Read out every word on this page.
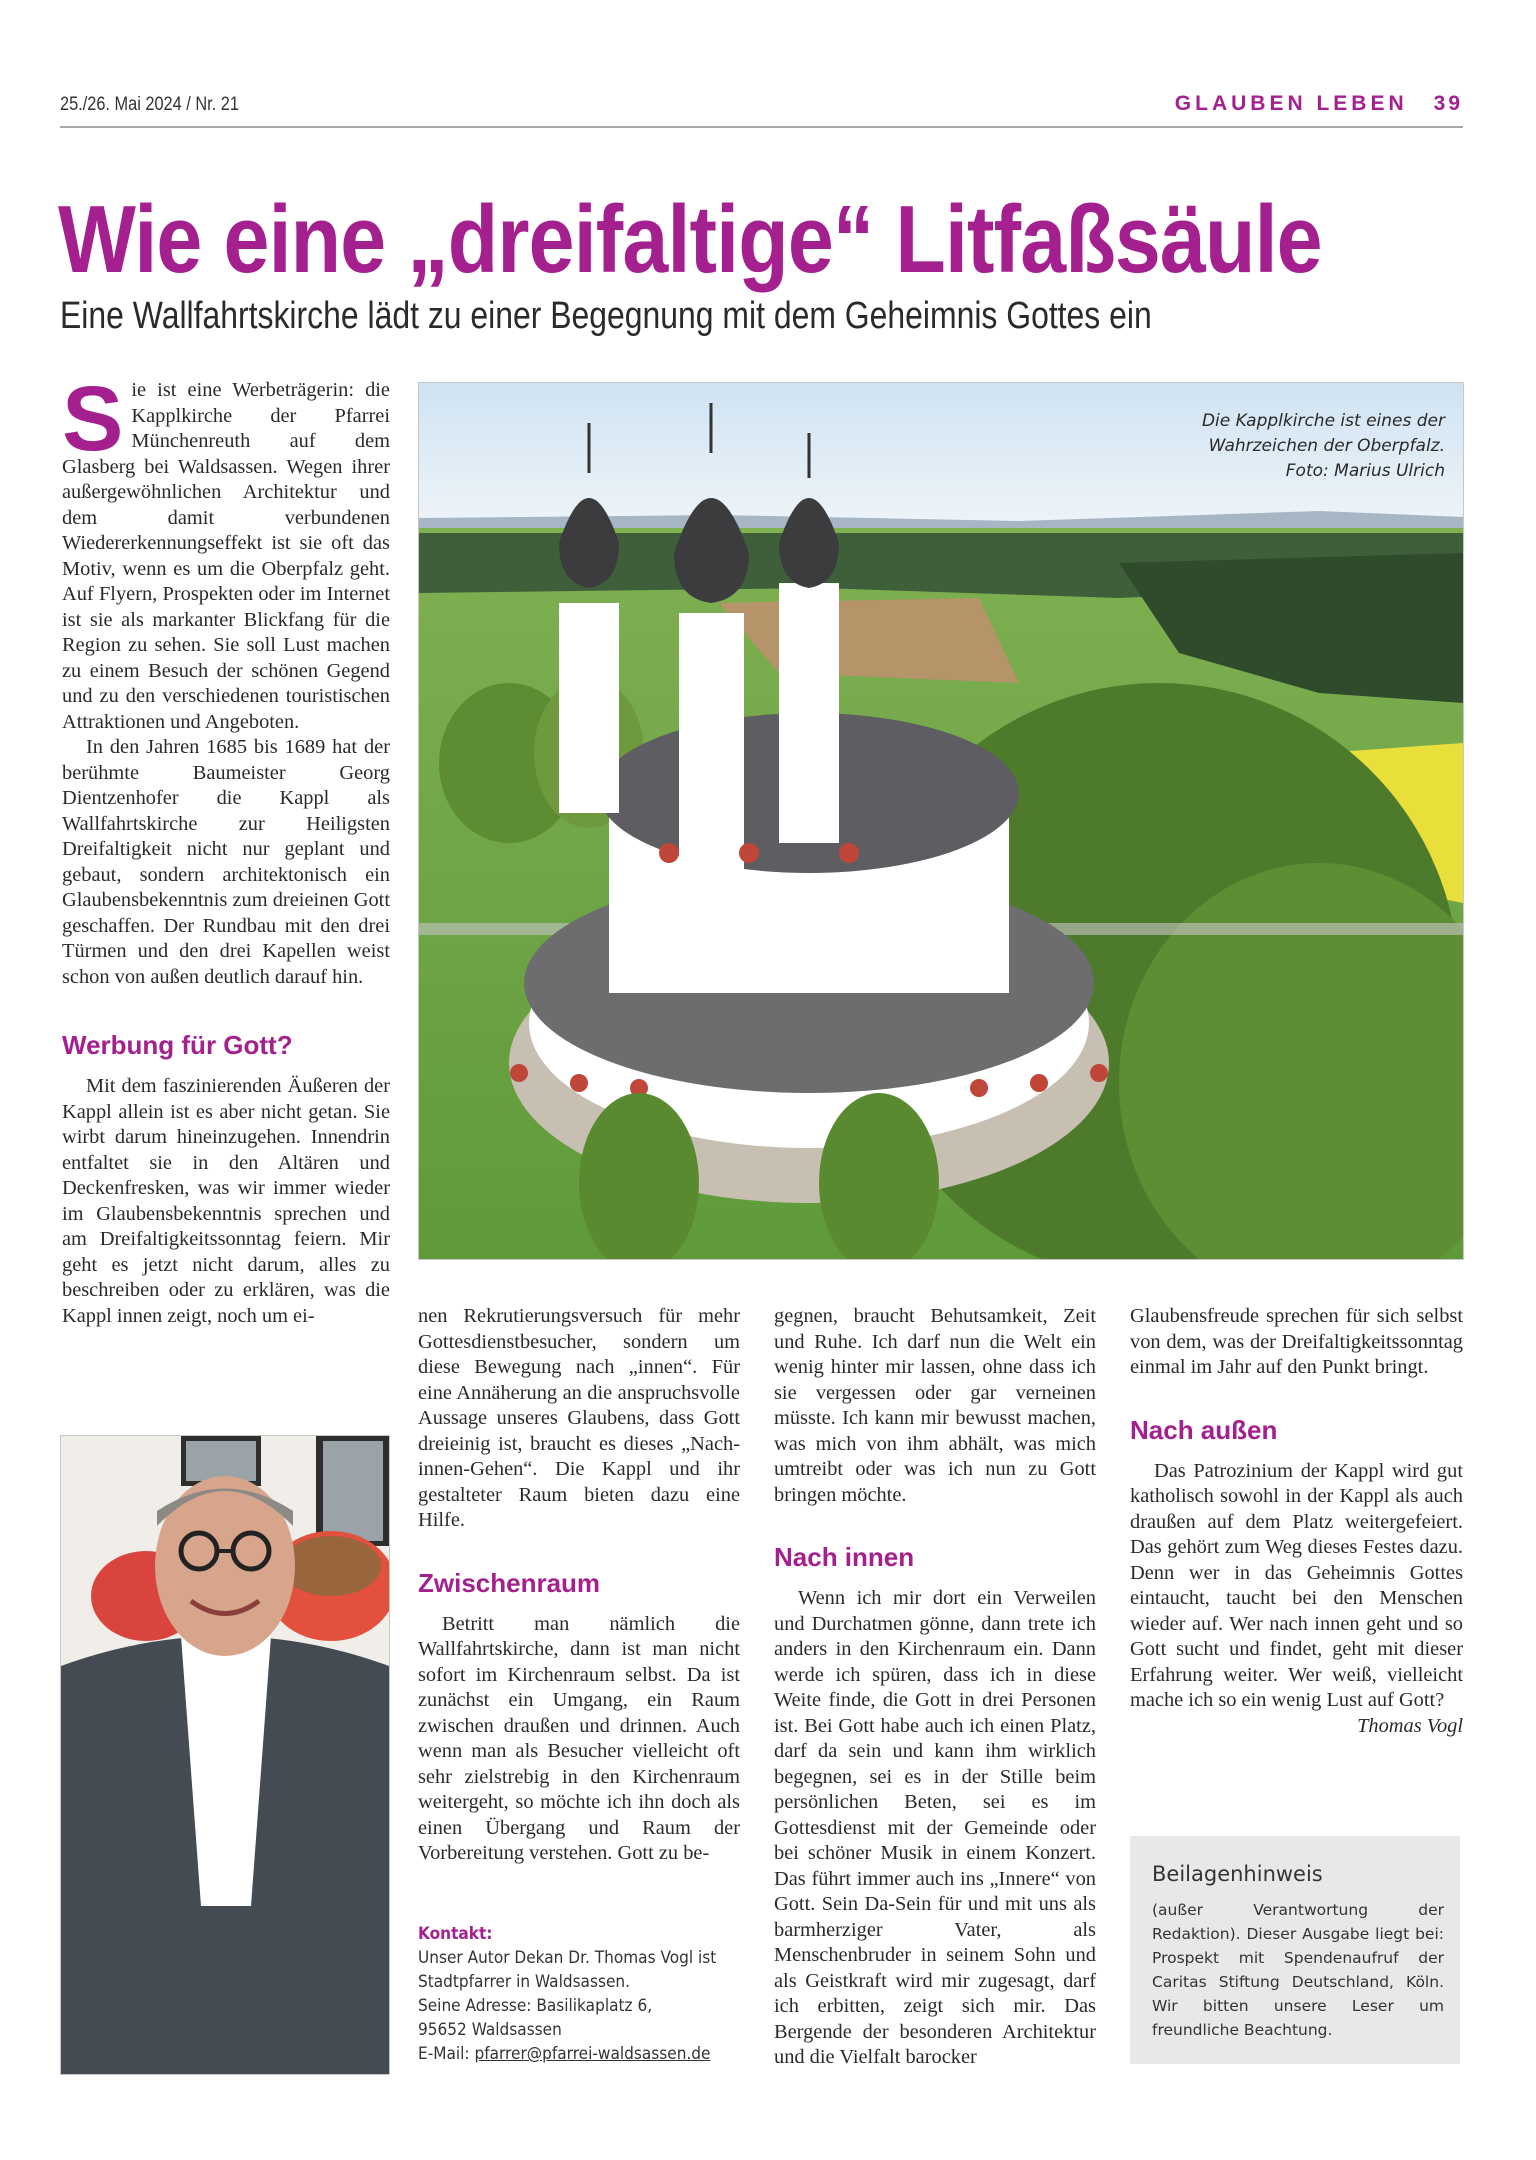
25./26. Mai 2024 / Nr. 21	GLAUBEN LEBEN 39
Wie eine „dreifaltige“ Litfaßsäule
Eine Wallfahrtskirche lädt zu einer Begegnung mit dem Geheimnis Gottes ein

Sie ist eine Werbeträgerin: die Kapplkirche der Pfarrei Münchenreuth auf dem Glasberg bei Waldsassen. Wegen ihrer außergewöhnlichen Architektur und dem damit verbundenen Wiedererkennungseffekt ist sie oft das Motiv, wenn es um die Oberpfalz geht. Auf Flyern, Prospekten oder im Internet ist sie als markanter Blickfang für die Region zu sehen. Sie soll Lust machen zu einem Besuch der schönen Gegend und zu den verschiedenen touristischen Attraktionen und Angeboten.

In den Jahren 1685 bis 1689 hat der berühmte Baumeister Georg Dientzenhofer die Kappl als Wallfahrtskirche zur Heiligsten Dreifaltigkeit nicht nur geplant und gebaut, sondern architektonisch ein Glaubensbekenntnis zum dreieinen Gott geschaffen. Der Rundbau mit den drei Türmen und den drei Kapellen weist schon von außen deutlich darauf hin.

Werbung für Gott?

Mit dem faszinierenden Äußeren der Kappl allein ist es aber nicht getan. Sie wirbt darum hineinzugehen. Innendrin entfaltet sie in den Altären und Deckenfresken, was wir immer wieder im Glaubensbekenntnis sprechen und am Dreifaltigkeitssonntag feiern. Mir geht es jetzt nicht darum, alles zu beschreiben oder zu erklären, was die Kappl innen zeigt, noch um ei-

Die Kapplkirche ist eines der
Wahrzeichen der Oberpfalz.
Foto: Marius Ulrich

nen Rekrutierungsversuch für mehr Gottesdienstbesucher, sondern um diese Bewegung nach „innen“. Für eine Annäherung an die anspruchsvolle Aussage unseres Glaubens, dass Gott dreieinig ist, braucht es dieses „Nach-innen-Gehen“. Die Kappl und ihr gestalteter Raum bieten dazu eine Hilfe.

Zwischenraum

Betritt man nämlich die Wallfahrtskirche, dann ist man nicht sofort im Kirchenraum selbst. Da ist zunächst ein Umgang, ein Raum zwischen draußen und drinnen. Auch wenn man als Besucher vielleicht oft sehr zielstrebig in den Kirchenraum weitergeht, so möchte ich ihn doch als einen Übergang und Raum der Vorbereitung verstehen. Gott zu be-

Kontakt:
Unser Autor Dekan Dr. Thomas Vogl ist
Stadtpfarrer in Waldsassen.
Seine Adresse: Basilikaplatz 6,
95652 Waldsassen
E-Mail: pfarrer@pfarrei-waldsassen.de

gegnen, braucht Behutsamkeit, Zeit und Ruhe. Ich darf nun die Welt ein wenig hinter mir lassen, ohne dass ich sie vergessen oder gar verneinen müsste. Ich kann mir bewusst machen, was mich von ihm abhält, was mich umtreibt oder was ich nun zu Gott bringen möchte.

Nach innen

Wenn ich mir dort ein Verweilen und Durchatmen gönne, dann trete ich anders in den Kirchenraum ein. Dann werde ich spüren, dass ich in diese Weite finde, die Gott in drei Personen ist. Bei Gott habe auch ich einen Platz, darf da sein und kann ihm wirklich begegnen, sei es in der Stille beim persönlichen Beten, sei es im Gottesdienst mit der Gemeinde oder bei schöner Musik in einem Konzert. Das führt immer auch ins „Innere“ von Gott. Sein Da-Sein für und mit uns als barmherziger Vater, als Menschenbruder in seinem Sohn und als Geistkraft wird mir zugesagt, darf ich erbitten, zeigt sich mir. Das Bergende der besonderen Architektur und die Vielfalt barocker

Glaubensfreude sprechen für sich selbst von dem, was der Dreifaltigkeitssonntag einmal im Jahr auf den Punkt bringt.

Nach außen

Das Patrozinium der Kappl wird gut katholisch sowohl in der Kappl als auch draußen auf dem Platz weitergefeiert. Das gehört zum Weg dieses Festes dazu. Denn wer in das Geheimnis Gottes eintaucht, taucht bei den Menschen wieder auf. Wer nach innen geht und so Gott sucht und findet, geht mit dieser Erfahrung weiter. Wer weiß, vielleicht mache ich so ein wenig Lust auf Gott?
Thomas Vogl

Beilagenhinweis
(außer Verantwortung der Redaktion). Dieser Ausgabe liegt bei: Prospekt mit Spendenaufruf der Caritas Stiftung Deutschland, Köln. Wir bitten unsere Leser um freundliche Beachtung.
